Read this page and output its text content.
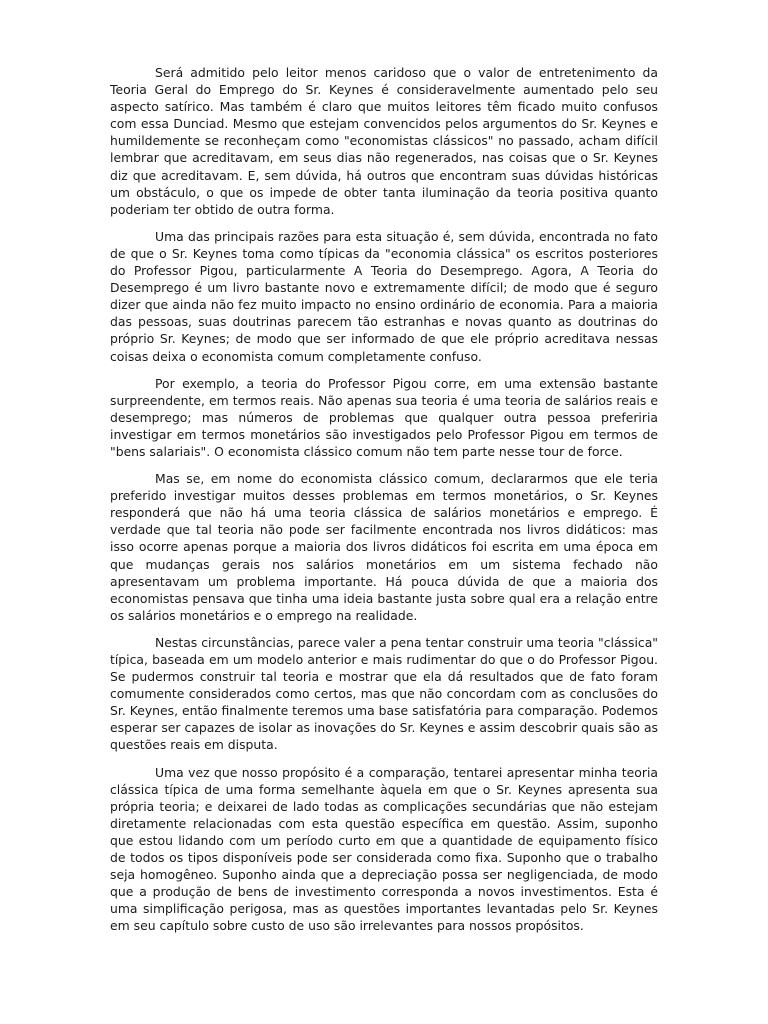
Será admitido pelo leitor menos caridoso que o valor de entretenimento da Teoria Geral do Emprego do Sr. Keynes é consideravelmente aumentado pelo seu aspecto satírico. Mas também é claro que muitos leitores têm ficado muito confusos com essa Dunciad. Mesmo que estejam convencidos pelos argumentos do Sr. Keynes e humildemente se reconheçam como "economistas clássicos" no passado, acham difícil lembrar que acreditavam, em seus dias não regenerados, nas coisas que o Sr. Keynes diz que acreditavam. E, sem dúvida, há outros que encontram suas dúvidas históricas um obstáculo, o que os impede de obter tanta iluminação da teoria positiva quanto poderiam ter obtido de outra forma.

Uma das principais razões para esta situação é, sem dúvida, encontrada no fato de que o Sr. Keynes toma como típicas da "economia clássica" os escritos posteriores do Professor Pigou, particularmente A Teoria do Desemprego. Agora, A Teoria do Desemprego é um livro bastante novo e extremamente difícil; de modo que é seguro dizer que ainda não fez muito impacto no ensino ordinário de economia. Para a maioria das pessoas, suas doutrinas parecem tão estranhas e novas quanto as doutrinas do próprio Sr. Keynes; de modo que ser informado de que ele próprio acreditava nessas coisas deixa o economista comum completamente confuso.

Por exemplo, a teoria do Professor Pigou corre, em uma extensão bastante surpreendente, em termos reais. Não apenas sua teoria é uma teoria de salários reais e desemprego; mas números de problemas que qualquer outra pessoa preferiria investigar em termos monetários são investigados pelo Professor Pigou em termos de "bens salariais". O economista clássico comum não tem parte nesse tour de force.

Mas se, em nome do economista clássico comum, declararmos que ele teria preferido investigar muitos desses problemas em termos monetários, o Sr. Keynes responderá que não há uma teoria clássica de salários monetários e emprego. É verdade que tal teoria não pode ser facilmente encontrada nos livros didáticos: mas isso ocorre apenas porque a maioria dos livros didáticos foi escrita em uma época em que mudanças gerais nos salários monetários em um sistema fechado não apresentavam um problema importante. Há pouca dúvida de que a maioria dos economistas pensava que tinha uma ideia bastante justa sobre qual era a relação entre os salários monetários e o emprego na realidade.

Nestas circunstâncias, parece valer a pena tentar construir uma teoria "clássica" típica, baseada em um modelo anterior e mais rudimentar do que o do Professor Pigou. Se pudermos construir tal teoria e mostrar que ela dá resultados que de fato foram comumente considerados como certos, mas que não concordam com as conclusões do Sr. Keynes, então finalmente teremos uma base satisfatória para comparação. Podemos esperar ser capazes de isolar as inovações do Sr. Keynes e assim descobrir quais são as questões reais em disputa.

Uma vez que nosso propósito é a comparação, tentarei apresentar minha teoria clássica típica de uma forma semelhante àquela em que o Sr. Keynes apresenta sua própria teoria; e deixarei de lado todas as complicações secundárias que não estejam diretamente relacionadas com esta questão específica em questão. Assim, suponho que estou lidando com um período curto em que a quantidade de equipamento físico de todos os tipos disponíveis pode ser considerada como fixa. Suponho que o trabalho seja homogêneo. Suponho ainda que a depreciação possa ser negligenciada, de modo que a produção de bens de investimento corresponda a novos investimentos. Esta é uma simplificação perigosa, mas as questões importantes levantadas pelo Sr. Keynes em seu capítulo sobre custo de uso são irrelevantes para nossos propósitos.
